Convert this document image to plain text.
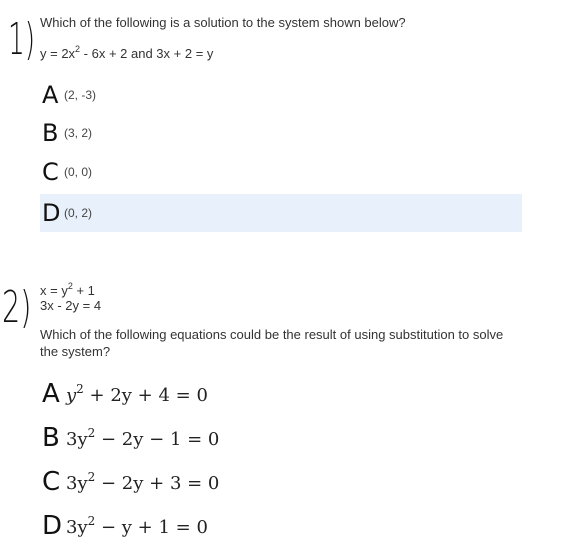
1) Which of the following is a solution to the system shown below?
$y = 2x^2 - 6x + 2$ and 3x + 2 = y
A (2, -3)
B (3, 2)
C (0, 0)
D (0, 2)
2) $x = y^2 + 1$
3x - 2y = 4
Which of the following equations could be the result of using substitution to solve
the system?
A $y^2 + 2y + 4 = 0$
B $3y^2 - 2y - 1 = 0$
C $3y^2 - 2y + 3 = 0$
D $3y^2 - y + 1 = 0$
